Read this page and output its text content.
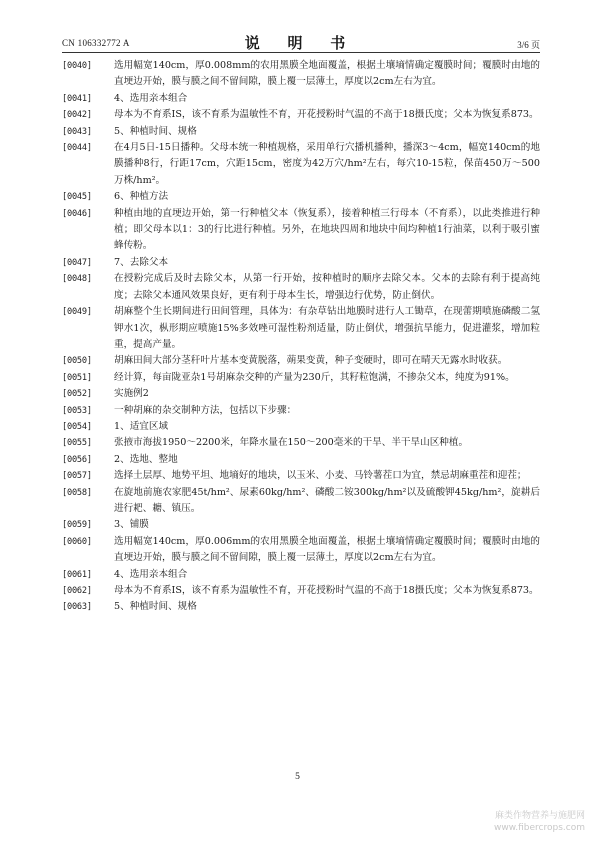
CN 106332772 A	说 明 书	3/6 页
[0040]	选用幅宽140cm，厚0.008mm的农用黑膜全地面覆盖，根据土壤墒情确定覆膜时间；覆膜时由地的直埂边开始，膜与膜之间不留间隙，膜上覆一层薄土，厚度以2cm左右为宜。
[0041]	4、选用亲本组合
[0042]	母本为不育系IS，该不育系为温敏性不育，开花授粉时气温的不高于18摄氏度；父本为恢复系873。
[0043]	5、种植时间、规格
[0044]	在4月5日-15日播种。父母本统一种植规格，采用单行穴播机播种，播深3～4cm，幅宽140cm的地膜播种8行，行距17cm，穴距15cm，密度为42万穴/hm²左右，每穴10-15粒，保苗450万～500万株/hm²。
[0045]	6、种植方法
[0046]	种植由地的直埂边开始，第一行种植父本（恢复系），接着种植三行母本（不育系），以此类推进行种植；即父母本以1：3的行比进行种植。另外，在地块四周和地块中间均种植1行油菜，以利于吸引蜜蜂传粉。
[0047]	7、去除父本
[0048]	在授粉完成后及时去除父本，从第一行开始，按种植时的顺序去除父本。父本的去除有利于提高纯度；去除父本通风效果良好，更有利于母本生长，增强边行优势，防止倒伏。
[0049]	胡麻整个生长期间进行田间管理，具体为：有杂草钻出地膜时进行人工锄草，在现蕾期喷施磷酸二氢钾水1次，枞形期应喷施15%多效唑可湿性粉剂适量，防止倒伏，增强抗旱能力，促进灌浆，增加粒重，提高产量。
[0050]	胡麻田间大部分茎秆叶片基本变黄脱落，蒴果变黄，种子变硬时，即可在晴天无露水时收获。
[0051]	经计算，每亩陇亚杂1号胡麻杂交种的产量为230斤，其籽粒饱满，不掺杂父本，纯度为91%。
[0052]	实施例2
[0053]	一种胡麻的杂交制种方法，包括以下步骤：
[0054]	1、适宜区域
[0055]	张掖市海拔1950～2200米，年降水量在150～200毫米的干旱、半干旱山区种植。
[0056]	2、选地、整地
[0057]	选择土层厚、地势平坦、地墒好的地块，以玉米、小麦、马铃薯茬口为宜，禁忌胡麻重茬和迎茬；
[0058]	在旋地前施农家肥45t/hm²、尿素60kg/hm²、磷酸二铵300kg/hm²以及硫酸钾45kg/hm²，旋耕后进行耙、耱、镇压。
[0059]	3、铺膜
[0060]	选用幅宽140cm，厚0.006mm的农用黑膜全地面覆盖，根据土壤墒情确定覆膜时间；覆膜时由地的直埂边开始，膜与膜之间不留间隙，膜上覆一层薄土，厚度以2cm左右为宜。
[0061]	4、选用亲本组合
[0062]	母本为不育系IS，该不育系为温敏性不育，开花授粉时气温的不高于18摄氏度；父本为恢复系873。
[0063]	5、种植时间、规格
5
麻类作物营养与施肥网
www.fibercrops.com
